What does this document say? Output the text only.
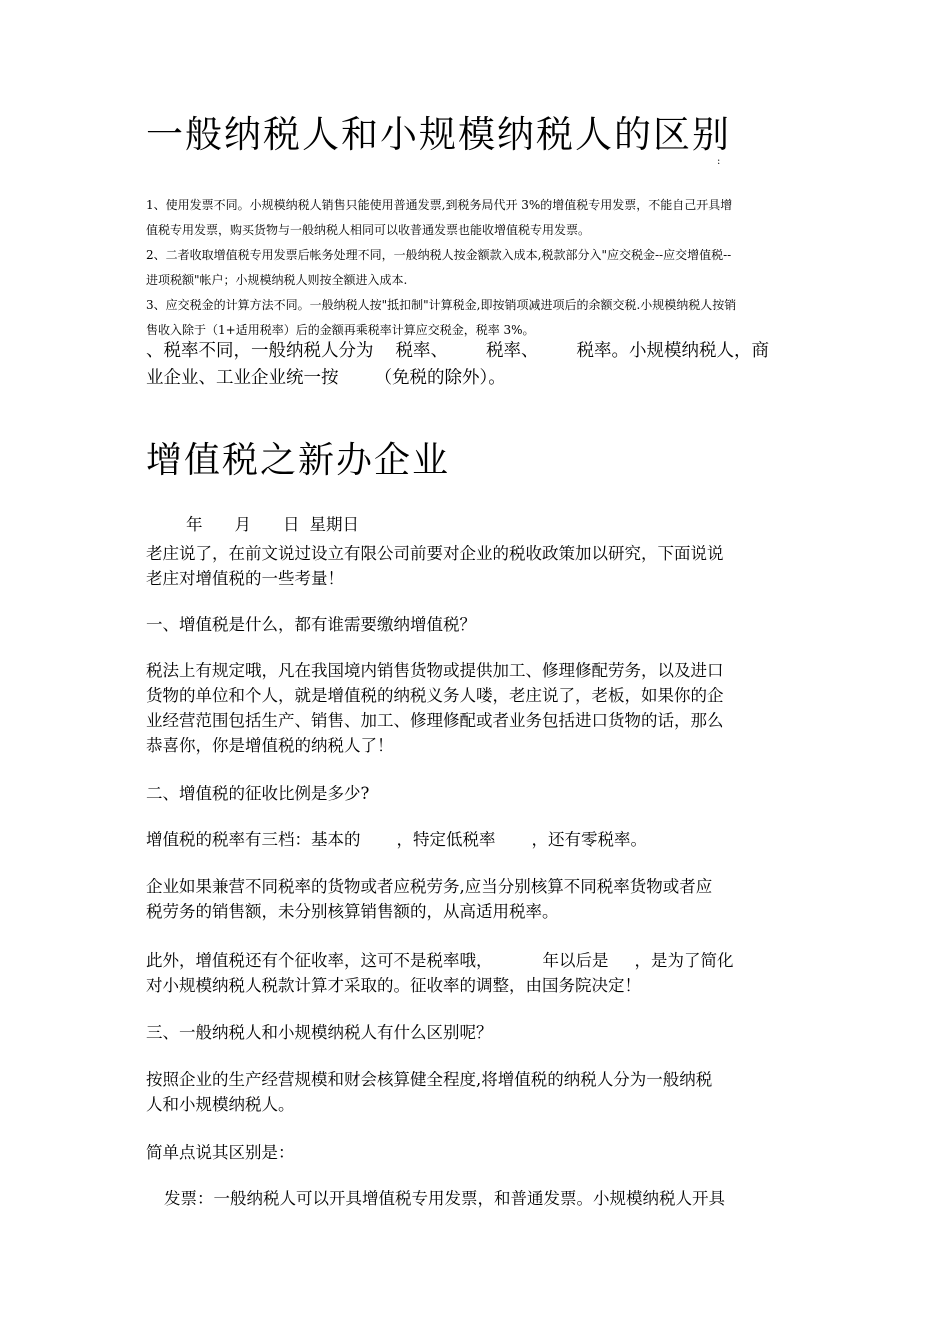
一般纳税人和小规模纳税人的区别
:
1、使用发票不同。小规模纳税人销售只能使用普通发票,到税务局代开 3%的增值税专用发票，不能自己开具增
值税专用发票，购买货物与一般纳税人相同可以收普通发票也能收增值税专用发票。
2、二者收取增值税专用发票后帐务处理不同，一般纳税人按金额款入成本,税款部分入"应交税金--应交增值税--
进项税额"帐户；小规模纳税人则按全额进入成本.
3、应交税金的计算方法不同。一般纳税人按"抵扣制"计算税金,即按销项减进项后的余额交税.小规模纳税人按销
售收入除于（1+适用税率）后的金额再乘税率计算应交税金，税率 3%。
、税率不同，一般纳税人分为 税率、 税率、 税率。小规模纳税人，商
业企业、工业企业统一按 （免税的除外）。
增值税之新办企业
年 月 日 星期日
老庄说了，在前文说过设立有限公司前要对企业的税收政策加以研究，下面说说
老庄对增值税的一些考量！
一、增值税是什么，都有谁需要缴纳增值税？
税法上有规定哦，凡在我国境内销售货物或提供加工、修理修配劳务，以及进口
货物的单位和个人，就是增值税的纳税义务人喽，老庄说了，老板，如果你的企
业经营范围包括生产、销售、加工、修理修配或者业务包括进口货物的话，那么
恭喜你，你是增值税的纳税人了！
二、增值税的征收比例是多少?
增值税的税率有三档：基本的 ，特定低税率 ，还有零税率。
企业如果兼营不同税率的货物或者应税劳务,应当分别核算不同税率货物或者应
税劳务的销售额，未分别核算销售额的，从高适用税率。
此外，增值税还有个征收率，这可不是税率哦，	年以后是 ，是为了简化
对小规模纳税人税款计算才采取的。征收率的调整，由国务院决定！
三、一般纳税人和小规模纳税人有什么区别呢？
按照企业的生产经营规模和财会核算健全程度,将增值税的纳税人分为一般纳税
人和小规模纳税人。
简单点说其区别是：
发票：一般纳税人可以开具增值税专用发票，和普通发票。小规模纳税人开具
